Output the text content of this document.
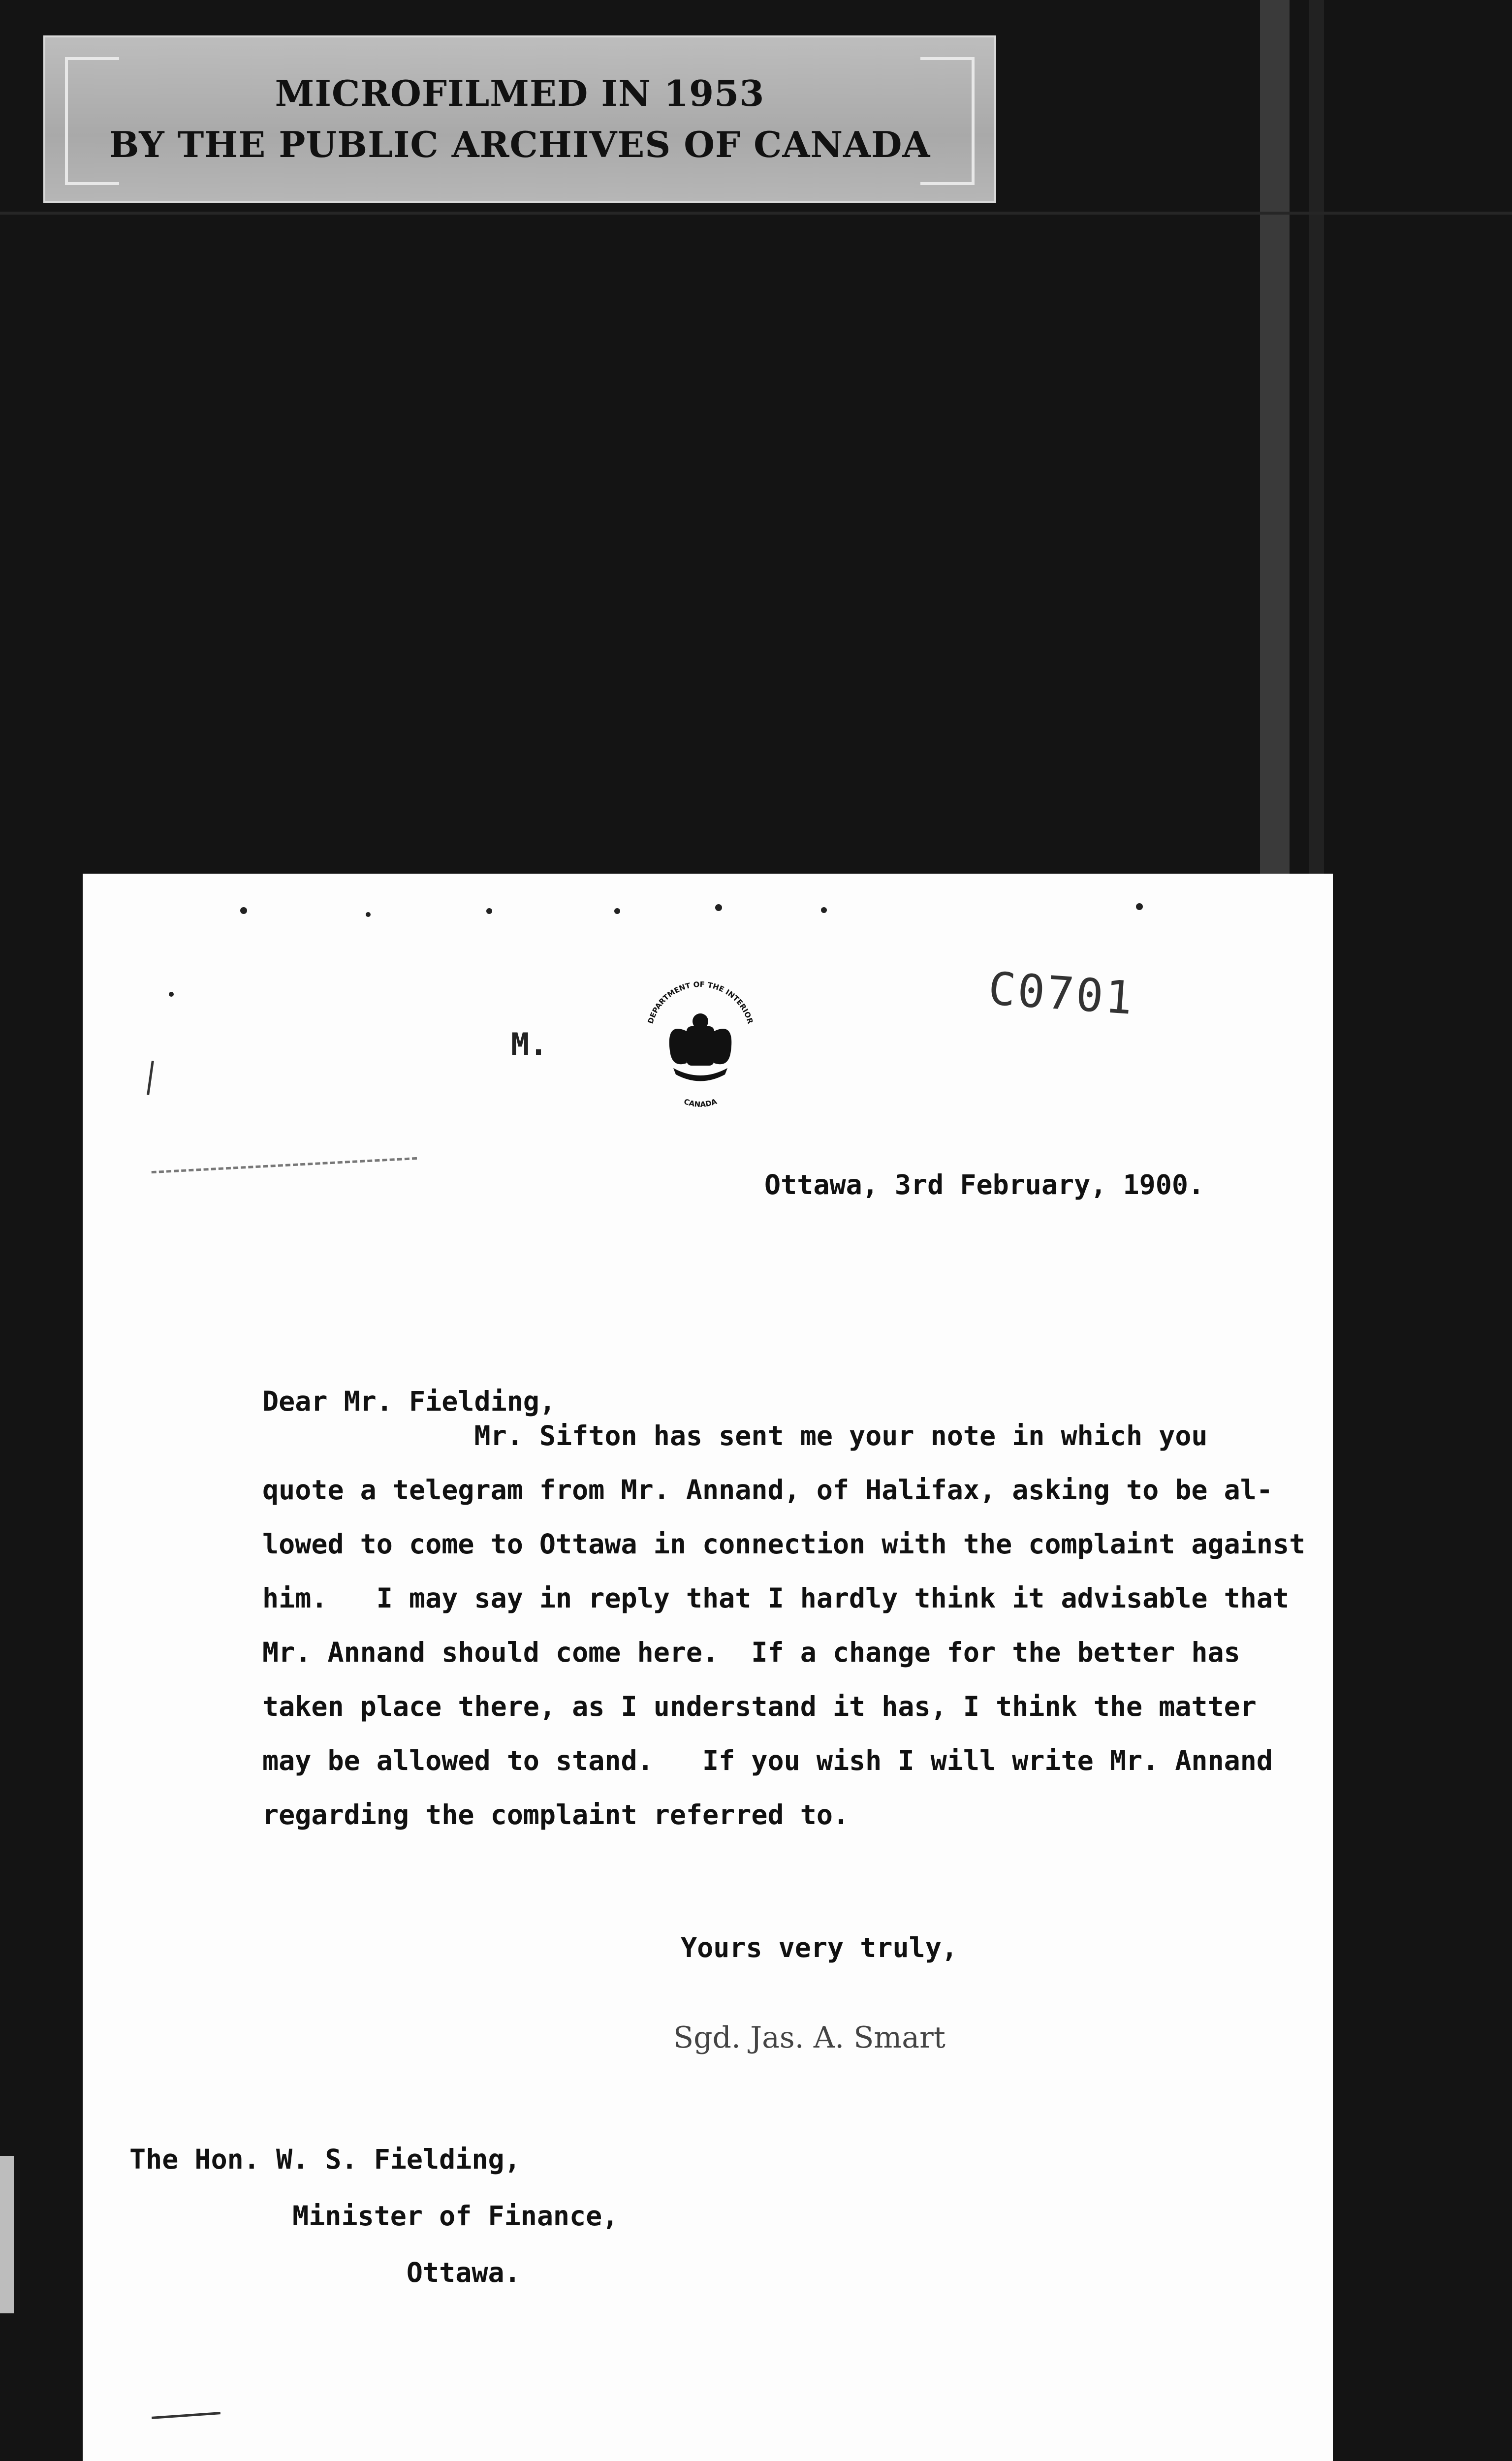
MICROFILMED IN 1953
BY THE PUBLIC ARCHIVES OF CANADA
M.
DEPARTMENT OF THE INTERIOR
CANADA
C0701
Ottawa, 3rd February, 1900.
Dear Mr. Fielding,
Mr. Sifton has sent me your note in which you
quote a telegram from Mr. Annand, of Halifax, asking to be al-
lowed to come to Ottawa in connection with the complaint against
him.   I may say in reply that I hardly think it advisable that
Mr. Annand should come here.  If a change for the better has
taken place there, as I understand it has, I think the matter
may be allowed to stand.   If you wish I will write Mr. Annand
regarding the complaint referred to.
Yours very truly,
Sgd. Jas. A. Smart
The Hon. W. S. Fielding,
Minister of Finance,
Ottawa.
